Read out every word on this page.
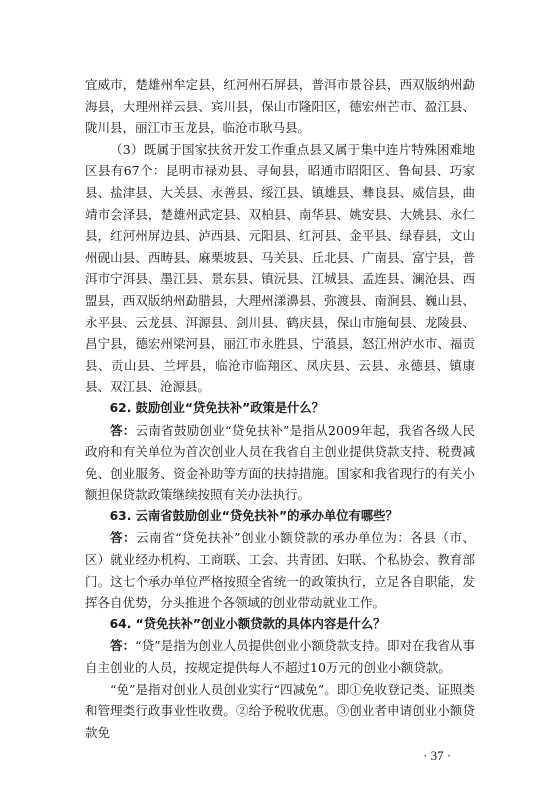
宜威市，楚雄州牟定县，红河州石屏县，普洱市景谷县，西双版纳州勐海县，大理州祥云县、宾川县，保山市隆阳区，德宏州芒市、盈江县、陇川县，丽江市玉龙县，临沧市耿马县。

（3）既属于国家扶贫开发工作重点县又属于集中连片特殊困难地区县有67个：昆明市禄劝县、寻甸县，昭通市昭阳区、鲁甸县、巧家县、盐津县、大关县、永善县、绥江县、镇雄县、彝良县、威信县，曲靖市会泽县，楚雄州武定县、双柏县、南华县、姚安县、大姚县、永仁县，红河州屏边县、泸西县、元阳县、红河县、金平县、绿春县，文山州砚山县、西畴县、麻栗坡县、马关县、丘北县、广南县、富宁县，普洱市宁洱县、墨江县、景东县、镇沅县、江城县、孟连县、澜沧县、西盟县，西双版纳州勐腊县，大理州漾濞县、弥渡县、南涧县、巍山县、永平县、云龙县、洱源县、剑川县、鹤庆县，保山市施甸县、龙陵县、昌宁县，德宏州梁河县，丽江市永胜县、宁蒗县，怒江州泸水市、福贡县、贡山县、兰坪县，临沧市临翔区、凤庆县、云县、永德县、镇康县、双江县、沧源县。

62. 鼓励创业“贷免扶补”政策是什么？

答：云南省鼓励创业“贷免扶补”是指从2009年起，我省各级人民政府和有关单位为首次创业人员在我省自主创业提供贷款支持、税费减免、创业服务、资金补助等方面的扶持措施。国家和我省现行的有关小额担保贷款政策继续按照有关办法执行。

63. 云南省鼓励创业“贷免扶补”的承办单位有哪些？

答：云南省“贷免扶补”创业小额贷款的承办单位为：各县（市、区）就业经办机构、工商联、工会、共青团、妇联、个私协会、教育部门。这七个承办单位严格按照全省统一的政策执行，立足各自职能，发挥各自优势，分头推进个各领域的创业带动就业工作。

64. “贷免扶补”创业小额贷款的具体内容是什么？

答：“贷”是指为创业人员提供创业小额贷款支持。即对在我省从事自主创业的人员，按规定提供每人不超过10万元的创业小额贷款。

“免”是指对创业人员创业实行“四减免”。即①免收登记类、证照类和管理类行政事业性收费。②给予税收优惠。③创业者申请创业小额贷款免

· 37 ·
